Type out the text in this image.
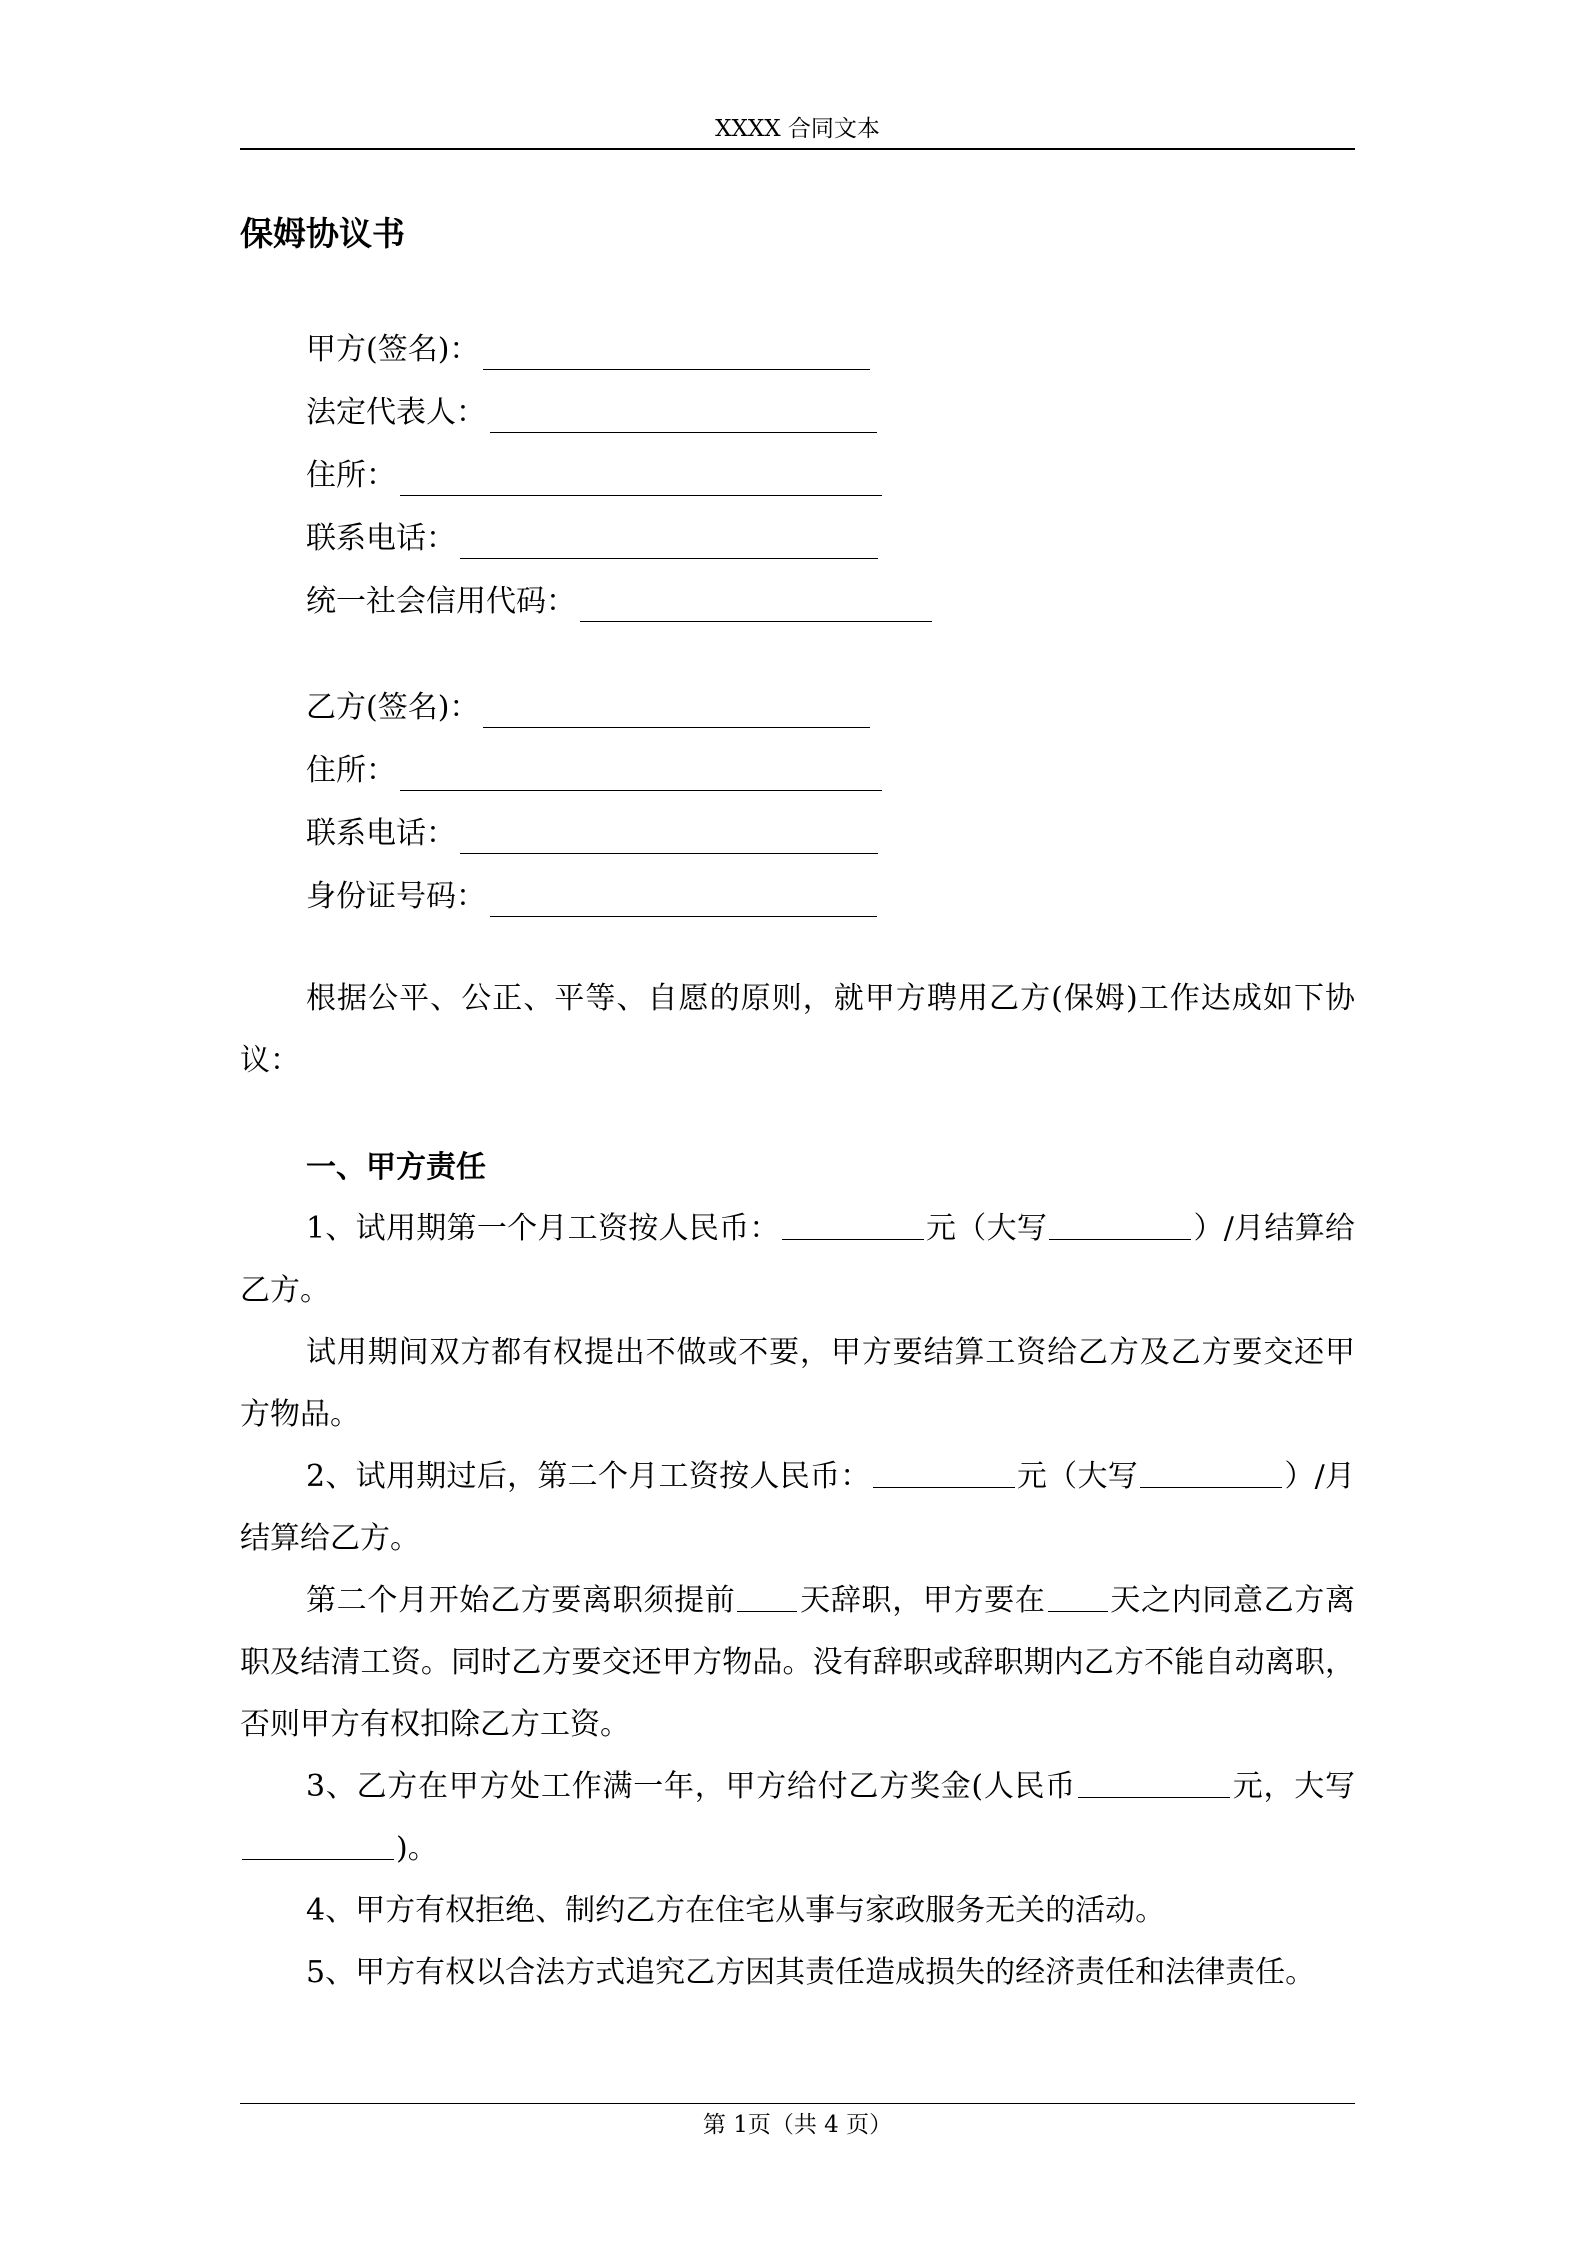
XXXX 合同文本
保姆协议书
甲方(签名)：
法定代表人：
住所：
联系电话：
统一社会信用代码：
乙方(签名)：
住所：
联系电话：
身份证号码：
根据公平、公正、平等、自愿的原则，就甲方聘用乙方(保姆)工作达成如下协议：
一、甲方责任
1、试用期第一个月工资按人民币：	元（大写	）/月结算给乙方。
试用期间双方都有权提出不做或不要，甲方要结算工资给乙方及乙方要交还甲方物品。
2、试用期过后，第二个月工资按人民币：	元（大写	）/月结算给乙方。
第二个月开始乙方要离职须提前 天辞职，甲方要在 天之内同意乙方离职及结清工资。同时乙方要交还甲方物品。没有辞职或辞职期内乙方不能自动离职，否则甲方有权扣除乙方工资。
3、乙方在甲方处工作满一年，甲方给付乙方奖金(人民币	元，大写)。
4、甲方有权拒绝、制约乙方在住宅从事与家政服务无关的活动。
5、甲方有权以合法方式追究乙方因其责任造成损失的经济责任和法律责任。
第 1页（共 4 页）
